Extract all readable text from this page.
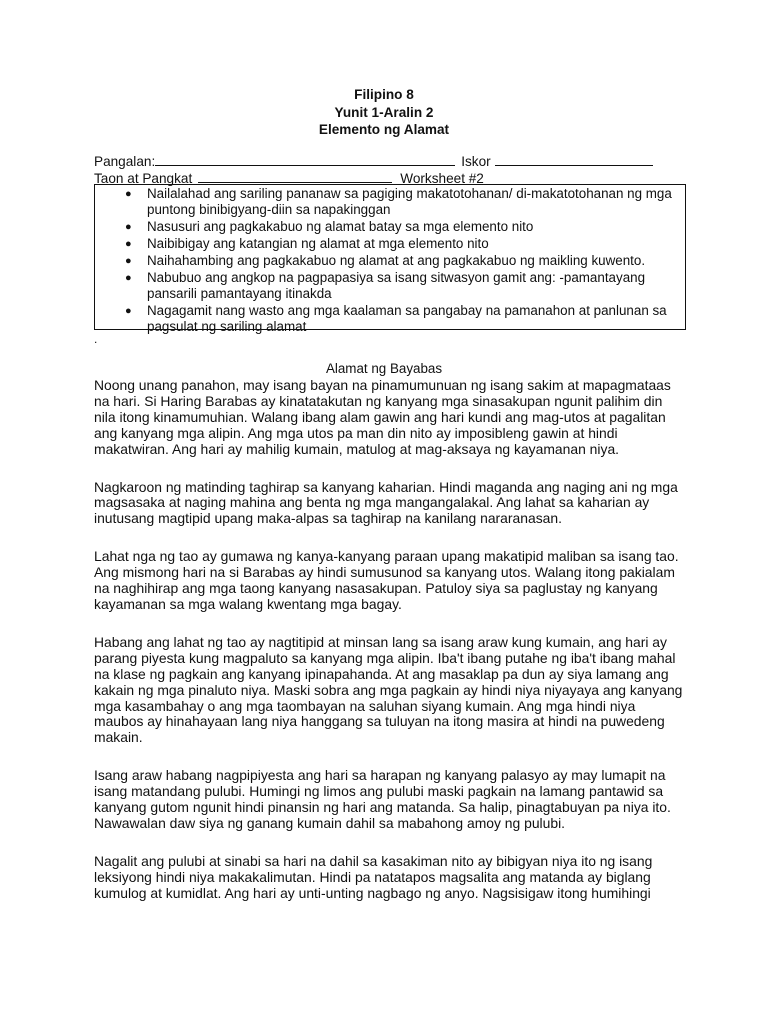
Filipino 8
Yunit 1-Aralin 2
Elemento ng Alamat
Pangalan:	Iskor
Taon at Pangkat	Worksheet #2
● Nailalahad ang sariling pananaw sa pagiging makatotohanan/ di-makatotohanan ng mga puntong binibigyang-diin sa napakinggan
● Nasusuri ang pagkakabuo ng alamat batay sa mga elemento nito
● Naibibigay ang katangian ng alamat at mga elemento nito
● Naihahambing ang pagkakabuo ng alamat at ang pagkakabuo ng maikling kuwento.
● Nabubuo ang angkop na pagpapasiya sa isang sitwasyon gamit ang: -pamantayang pansarili pamantayang itinakda
● Nagagamit nang wasto ang mga kaalaman sa pangabay na pamanahon at panlunan sa pagsulat ng sariling alamat
.
Alamat ng Bayabas

Noong unang panahon, may isang bayan na pinamumunuan ng isang sakim at mapagmataas na hari. Si Haring Barabas ay kinatatakutan ng kanyang mga sinasakupan ngunit palihim din nila itong kinamumuhian. Walang ibang alam gawin ang hari kundi ang mag-utos at pagalitan ang kanyang mga alipin. Ang mga utos pa man din nito ay imposibleng gawin at hindi makatwiran. Ang hari ay mahilig kumain, matulog at mag-aksaya ng kayamanan niya.

Nagkaroon ng matinding taghirap sa kanyang kaharian. Hindi maganda ang naging ani ng mga magsasaka at naging mahina ang benta ng mga mangangalakal. Ang lahat sa kaharian ay inutusang magtipid upang maka-alpas sa taghirap na kanilang nararanasan.

Lahat nga ng tao ay gumawa ng kanya-kanyang paraan upang makatipid maliban sa isang tao. Ang mismong hari na si Barabas ay hindi sumusunod sa kanyang utos. Walang itong pakialam na naghihirap ang mga taong kanyang nasasakupan. Patuloy siya sa paglustay ng kanyang kayamanan sa mga walang kwentang mga bagay.

Habang ang lahat ng tao ay nagtitipid at minsan lang sa isang araw kung kumain, ang hari ay parang piyesta kung magpaluto sa kanyang mga alipin. Iba't ibang putahe ng iba't ibang mahal na klase ng pagkain ang kanyang ipinapahanda. At ang masaklap pa dun ay siya lamang ang kakain ng mga pinaluto niya. Maski sobra ang mga pagkain ay hindi niya niyayaya ang kanyang mga kasambahay o ang mga taombayan na saluhan siyang kumain. Ang mga hindi niya maubos ay hinahayaan lang niya hanggang sa tuluyan na itong masira at hindi na puwedeng makain.

Isang araw habang nagpipiyesta ang hari sa harapan ng kanyang palasyo ay may lumapit na isang matandang pulubi. Humingi ng limos ang pulubi maski pagkain na lamang pantawid sa kanyang gutom ngunit hindi pinansin ng hari ang matanda. Sa halip, pinagtabuyan pa niya ito. Nawawalan daw siya ng ganang kumain dahil sa mabahong amoy ng pulubi.

Nagalit ang pulubi at sinabi sa hari na dahil sa kasakiman nito ay bibigyan niya ito ng isang leksiyong hindi niya makakalimutan. Hindi pa natatapos magsalita ang matanda ay biglang kumulog at kumidlat. Ang hari ay unti-unting nagbago ng anyo. Nagsisigaw itong humihingi
